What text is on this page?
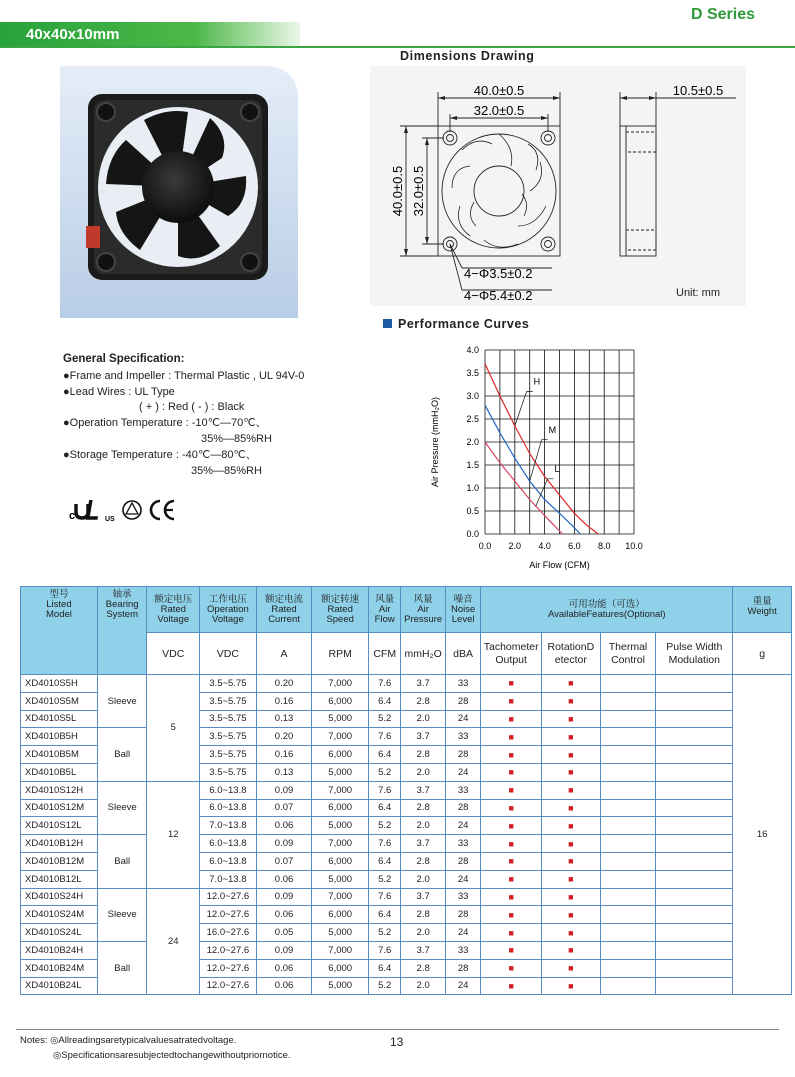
D Series
40x40x10mm
Dimensions Drawing
40.0±0.5
32.0±0.5
40.0±0.5 32.0±0.5
10.5±0.5
4−Φ3.5±0.2
4−Φ5.4±0.2	Unit: mm
Performance Curves
0.0
0.5
1.0
1.5
2.0
2.5
3.0
3.5
4.0
0.0 2.0 4.0 6.0 8.0 10.0
Air Flow (CFM)
Air Pressure (mmH₂O)
H
M
L
General Specification:
●Frame and Impeller : Thermal Plastic , UL 94V-0
●Lead Wires : UL Type
( + ) : Red ( - ) : Black
●Operation Temperature : -10℃—70℃、
35%—85%RH
●Storage Temperature : -40℃—80℃、
35%—85%RH
c	US
型号
Listed
Model	轴承
Bearing
System	额定电压
Rated
Voltage	工作电压
Operation
Voltage	额定电流
Rated
Current	额定转速
Rated
Speed	风量
Air
Flow	风量
Air
Pressure	噪音
Noise
Level	可用功能（可选）
AvailableFeatures(Optional)				重量
Weight
		VDC	VDC	A	RPM	CFM	mmH₂O	dBA	Tachometer
Output	RotationD
etector	Thermal
Control	Pulse Width
Modulation	g
XD4010S5H	Sleeve	5	3.5~5.75	0.20	7,000	7.6	3.7	33	■	■			16
XD4010S5M			3.5~5.75	0.16	6,000	6.4	2.8	28	■	■			
XD4010S5L			3.5~5.75	0.13	5,000	5.2	2.0	24	■	■			
XD4010B5H	Ball		3.5~5.75	0.20	7,000	7.6	3.7	33	■	■			
XD4010B5M			3.5~5.75	0.16	6,000	6.4	2.8	28	■	■			
XD4010B5L			3.5~5.75	0.13	5,000	5.2	2.0	24	■	■			
XD4010S12H	Sleeve	12	6.0~13.8	0.09	7,000	7.6	3.7	33	■	■			
XD4010S12M			6.0~13.8	0.07	6,000	6.4	2.8	28	■	■			
XD4010S12L			7.0~13.8	0.06	5,000	5.2	2.0	24	■	■			
XD4010B12H	Ball		6.0~13.8	0.09	7,000	7.6	3.7	33	■	■			
XD4010B12M			6.0~13.8	0.07	6,000	6.4	2.8	28	■	■			
XD4010B12L			7.0~13.8	0.06	5,000	5.2	2.0	24	■	■			
XD4010S24H	Sleeve	24	12.0~27.6	0.09	7,000	7.6	3.7	33	■	■			
XD4010S24M			12.0~27.6	0.06	6,000	6.4	2.8	28	■	■			
XD4010S24L			16.0~27.6	0.05	5,000	5.2	2.0	24	■	■			
XD4010B24H	Ball		12.0~27.6	0.09	7,000	7.6	3.7	33	■	■			
XD4010B24M			12.0~27.6	0.06	6,000	6.4	2.8	28	■	■			
XD4010B24L			12.0~27.6	0.06	5,000	5.2	2.0	24	■	■			
Notes: ◎Allreadingsaretypicalvaluesatratedvoltage.
◎Specificationsaresubjectedtochangewithoutpriornotice.
13
